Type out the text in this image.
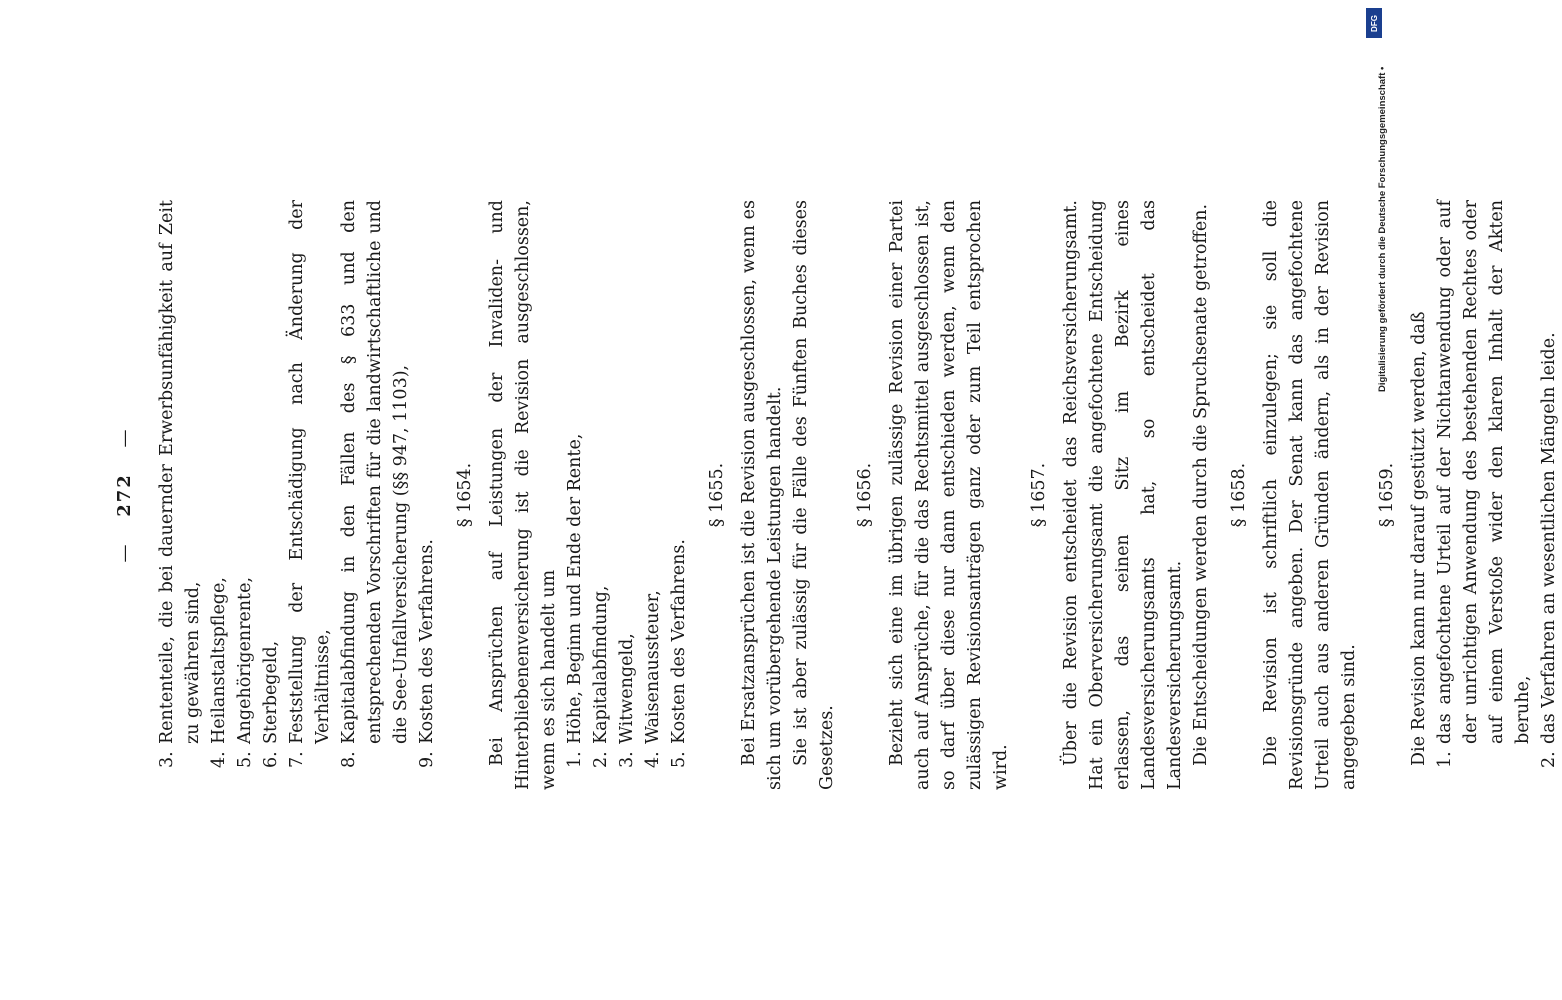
— 272 —
3.
Rententeile, die bei dauernder Erwerbsunfähigkeit auf Zeit zu gewähren sind,
4.
Heilanstaltspflege,
5.
Angehörigenrente,
6.
Sterbegeld,
7.
Feststellung der Entschädigung nach Änderung der Verhältnisse,
8.
Kapitalabfindung in den Fällen des § 633 und den entsprechenden Vorschriften für die landwirtschaftliche und die See-Unfallversicherung (§§ 947, 1103),
9.
Kosten des Verfahrens.
§ 1654. Bei Ansprüchen auf Leistungen der Invaliden- und Hinterbliebenenversicherung ist die Revision ausgeschlossen, wenn es sich handelt um 1.
Höhe, Beginn und Ende der Rente,
2.
Kapitalabfindung,
3.
Witwengeld,
4.
Waisenaussteuer,
5.
Kosten des Verfahrens.
§ 1655. Bei Ersatzansprüchen ist die Revision ausgeschlossen, wenn es sich um vorübergehende Leistungen handelt. Sie ist aber zulässig für die Fälle des Fünften Buches dieses Gesetzes.
§ 1656. Bezieht sich eine im übrigen zulässige Revision einer Partei auch auf Ansprüche, für die das Rechtsmittel ausgeschlossen ist, so darf über diese nur dann entschieden werden, wenn den zulässigen Revisionsanträgen ganz oder zum Teil entsprochen wird.
§ 1657. Über die Revision entscheidet das Reichsversicherungsamt. Hat ein Oberversicherungsamt die angefochtene Entscheidung erlassen, das seinen Sitz im Bezirk eines Landesversicherungsamts hat, so entscheidet das Landesversicherungsamt. Die Entscheidungen werden durch die Spruchsenate getroffen. § 1658. Die Revision ist schriftlich einzulegen; sie soll die Revisionsgründe angeben. Der Senat kann das angefochtene Urteil auch aus anderen Gründen ändern, als in der Revision angegeben sind.
§ 1659. Die Revision kann nur darauf gestützt werden, daß 1.
das angefochtene Urteil auf der Nichtanwendung oder auf der unrichtigen Anwendung des bestehenden Rechtes oder auf einem Verstoße wider den klaren Inhalt der Akten beruhe,
2.
das Verfahren an wesentlichen Mängeln leide.
DFG
Digitalisierung gefördert durch die Deutsche Forschungsgemeinschaft •
